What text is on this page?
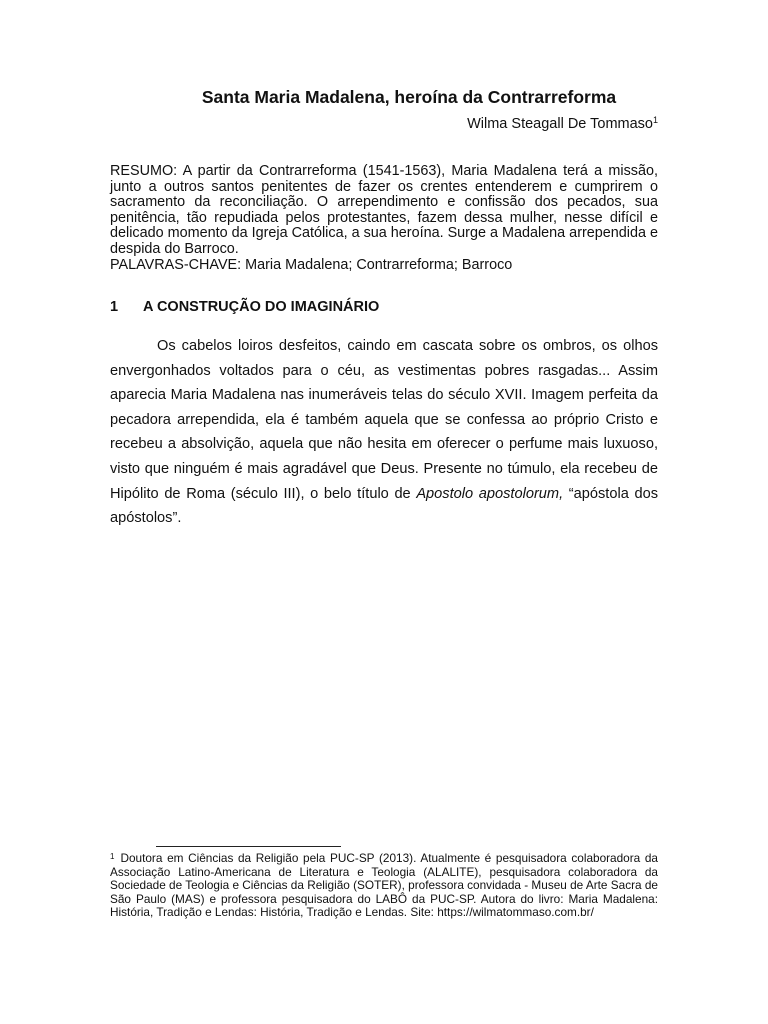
Santa Maria Madalena, heroína da Contrarreforma
Wilma Steagall De Tommaso$^1$

RESUMO: A partir da Contrarreforma (1541-1563), Maria Madalena terá a missão, junto a outros santos penitentes de fazer os crentes entenderem e cumprirem o sacramento da reconciliação. O arrependimento e confissão dos pecados, sua penitência, tão repudiada pelos protestantes, fazem dessa mulher, nesse difícil e delicado momento da Igreja Católica, a sua heroína. Surge a Madalena arrependida e despida do Barroco.

PALAVRAS-CHAVE: Maria Madalena; Contrarreforma; Barroco

1 A CONSTRUÇÃO DO IMAGINÁRIO

Os cabelos loiros desfeitos, caindo em cascata sobre os ombros, os olhos envergonhados voltados para o céu, as vestimentas pobres rasgadas... Assim aparecia Maria Madalena nas inumeráveis telas do século XVII. Imagem perfeita da pecadora arrependida, ela é também aquela que se confessa ao próprio Cristo e recebeu a absolvição, aquela que não hesita em oferecer o perfume mais luxuoso, visto que ninguém é mais agradável que Deus. Presente no túmulo, ela recebeu de Hipólito de Roma (século III), o belo título de Apostolo apostolorum, “apóstola dos apóstolos”.

$^1$ Doutora em Ciências da Religião pela PUC-SP (2013). Atualmente é pesquisadora colaboradora da Associação Latino-Americana de Literatura e Teologia (ALALITE), pesquisadora colaboradora da Sociedade de Teologia e Ciências da Religião (SOTER), professora convidada - Museu de Arte Sacra de São Paulo (MAS) e professora pesquisadora do LABÔ da PUC-SP. Autora do livro: Maria Madalena: História, Tradição e Lendas: História, Tradição e Lendas. Site: https://wilmatommaso.com.br/
